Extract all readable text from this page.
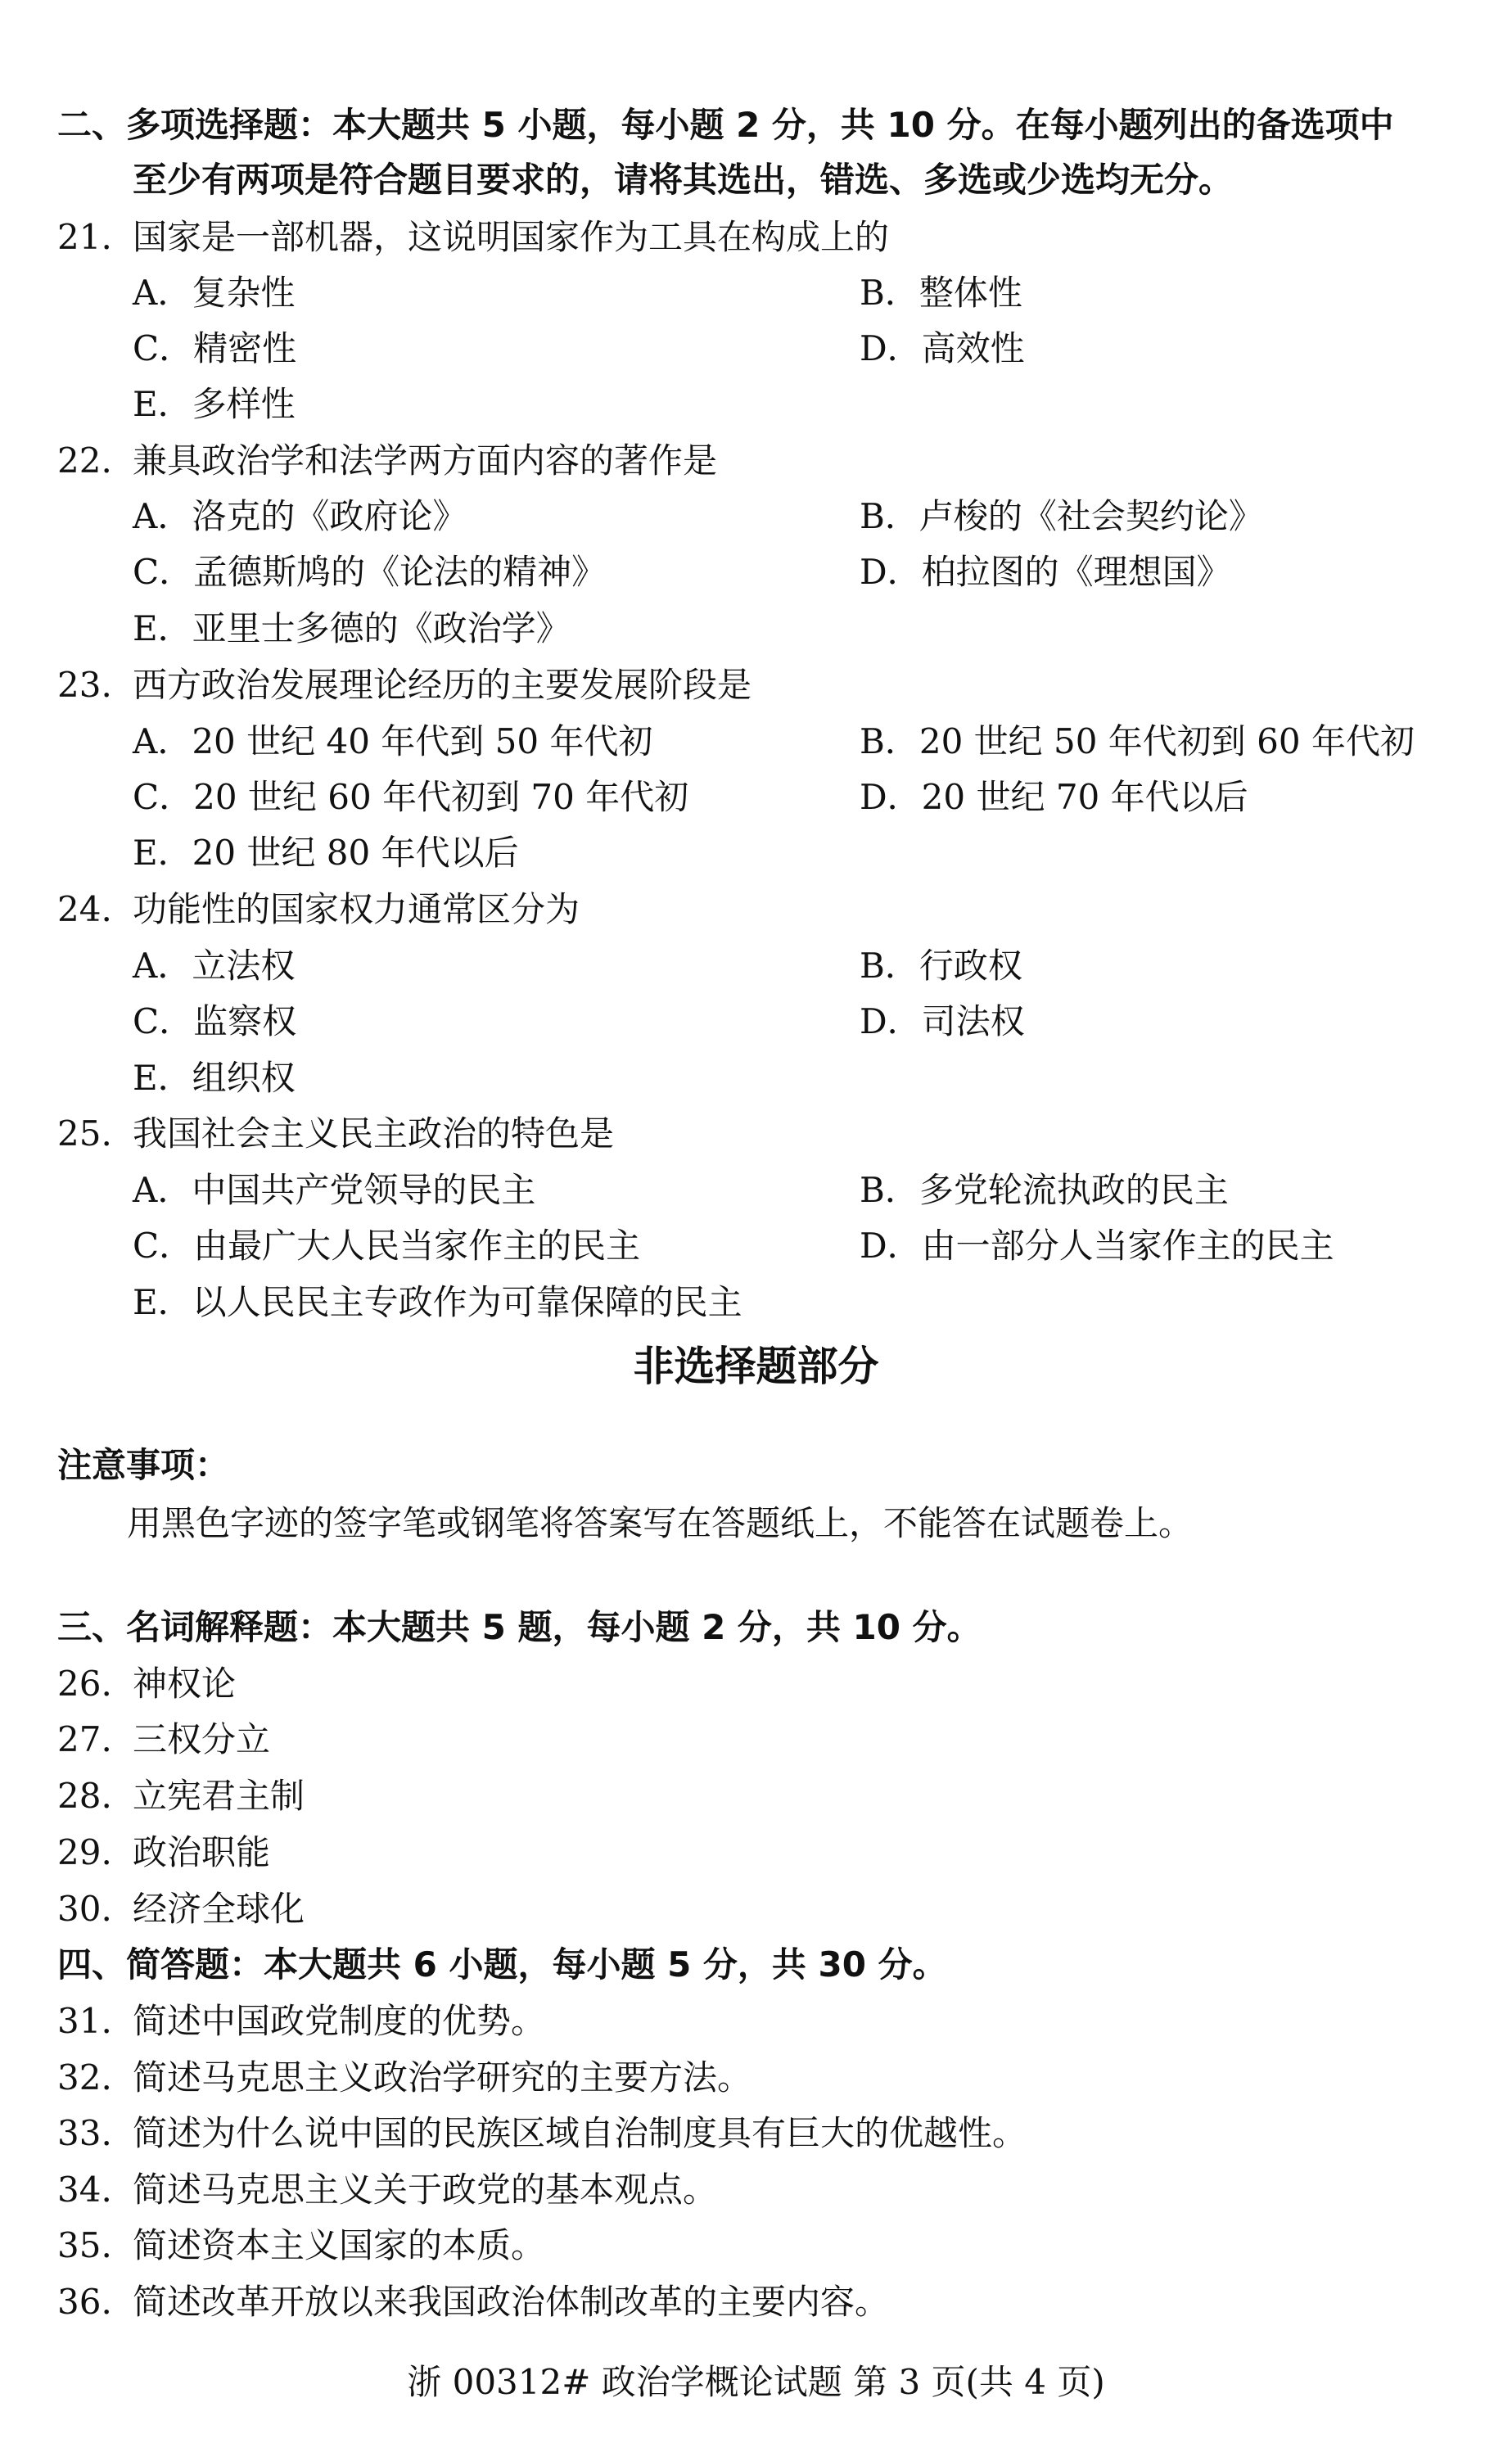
二、多项选择题：本大题共 5 小题，每小题 2 分，共 10 分。在每小题列出的备选项中
至少有两项是符合题目要求的，请将其选出，错选、多选或少选均无分。
21. 国家是一部机器，这说明国家作为工具在构成上的
A．复杂性	B．整体性
C．精密性	D．高效性
E．多样性
22. 兼具政治学和法学两方面内容的著作是
A．洛克的《政府论》	B．卢梭的《社会契约论》
C．孟德斯鸠的《论法的精神》	D．柏拉图的《理想国》
E．亚里士多德的《政治学》
23. 西方政治发展理论经历的主要发展阶段是
A．20 世纪 40 年代到 50 年代初	B．20 世纪 50 年代初到 60 年代初
C．20 世纪 60 年代初到 70 年代初	D．20 世纪 70 年代以后
E．20 世纪 80 年代以后
24. 功能性的国家权力通常区分为
A．立法权	B．行政权
C．监察权	D．司法权
E．组织权
25. 我国社会主义民主政治的特色是
A．中国共产党领导的民主	B．多党轮流执政的民主
C．由最广大人民当家作主的民主	D．由一部分人当家作主的民主
E．以人民民主专政作为可靠保障的民主
非选择题部分
注意事项：
用黑色字迹的签字笔或钢笔将答案写在答题纸上，不能答在试题卷上。
三、名词解释题：本大题共 5 题，每小题 2 分，共 10 分。
26. 神权论
27. 三权分立
28. 立宪君主制
29. 政治职能
30. 经济全球化
四、简答题：本大题共 6 小题，每小题 5 分，共 30 分。
31. 简述中国政党制度的优势。
32. 简述马克思主义政治学研究的主要方法。
33. 简述为什么说中国的民族区域自治制度具有巨大的优越性。
34. 简述马克思主义关于政党的基本观点。
35. 简述资本主义国家的本质。
36. 简述改革开放以来我国政治体制改革的主要内容。
浙 00312# 政治学概论试题 第 3 页(共 4 页)
